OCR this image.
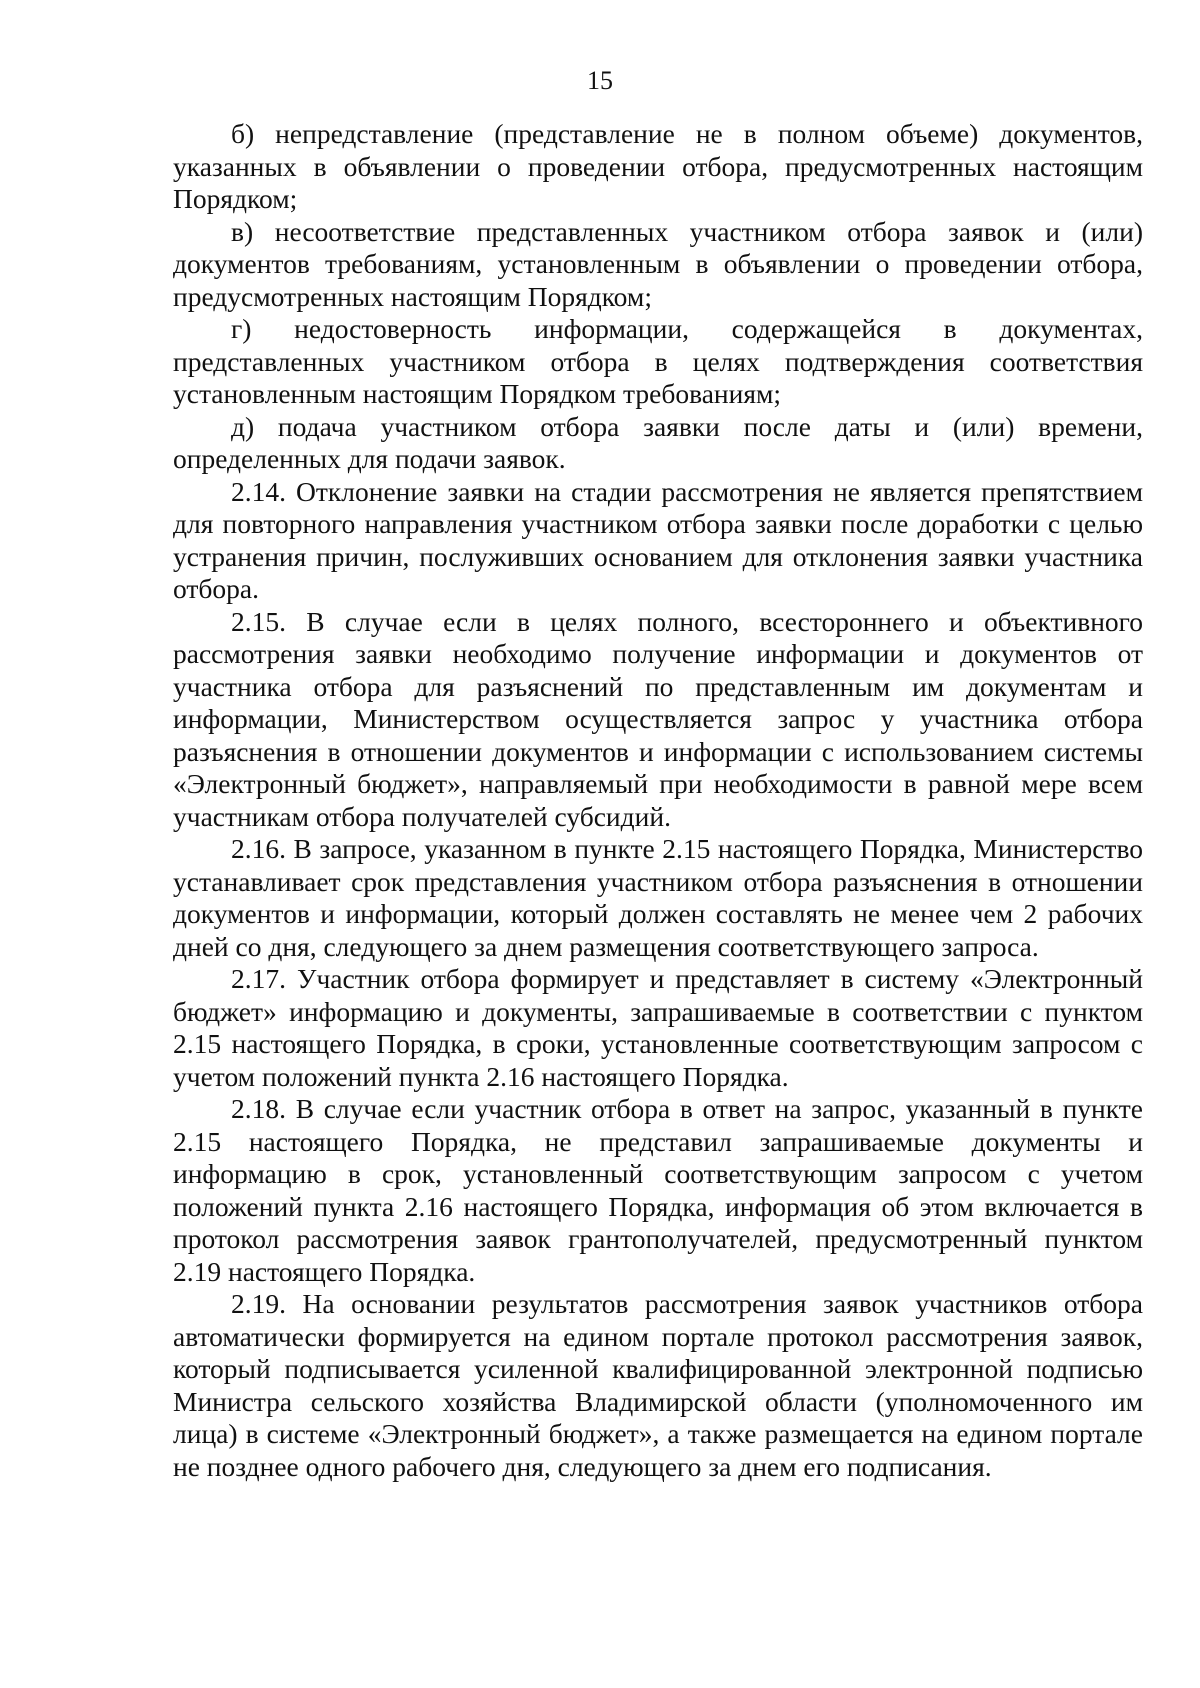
15

б) непредставление (представление не в полном объеме) документов, указанных в объявлении о проведении отбора, предусмотренных настоящим Порядком;

в) несоответствие представленных участником отбора заявок и (или) документов требованиям, установленным в объявлении о проведении отбора, предусмотренных настоящим Порядком;

г) недостоверность информации, содержащейся в документах, представленных участником отбора в целях подтверждения соответствия установленным настоящим Порядком требованиям;

д) подача участником отбора заявки после даты и (или) времени, определенных для подачи заявок.

2.14. Отклонение заявки на стадии рассмотрения не является препятствием для повторного направления участником отбора заявки после доработки с целью устранения причин, послуживших основанием для отклонения заявки участника отбора.

2.15. В случае если в целях полного, всестороннего и объективного рассмотрения заявки необходимо получение информации и документов от участника отбора для разъяснений по представленным им документам и информации, Министерством осуществляется запрос у участника отбора разъяснения в отношении документов и информации с использованием системы «Электронный бюджет», направляемый при необходимости в равной мере всем участникам отбора получателей субсидий.

2.16. В запросе, указанном в пункте 2.15 настоящего Порядка, Министерство устанавливает срок представления участником отбора разъяснения в отношении документов и информации, который должен составлять не менее чем 2 рабочих дней со дня, следующего за днем размещения соответствующего запроса.

2.17. Участник отбора формирует и представляет в систему «Электронный бюджет» информацию и документы, запрашиваемые в соответствии с пунктом 2.15 настоящего Порядка, в сроки, установленные соответствующим запросом с учетом положений пункта 2.16 настоящего Порядка.

2.18. В случае если участник отбора в ответ на запрос, указанный в пункте 2.15 настоящего Порядка, не представил запрашиваемые документы и информацию в срок, установленный соответствующим запросом с учетом положений пункта 2.16 настоящего Порядка, информация об этом включается в протокол рассмотрения заявок грантополучателей, предусмотренный пунктом 2.19 настоящего Порядка.

2.19. На основании результатов рассмотрения заявок участников отбора автоматически формируется на едином портале протокол рассмотрения заявок, который подписывается усиленной квалифицированной электронной подписью Министра сельского хозяйства Владимирской области (уполномоченного им лица) в системе «Электронный бюджет», а также размещается на едином портале не позднее одного рабочего дня, следующего за днем его подписания.
